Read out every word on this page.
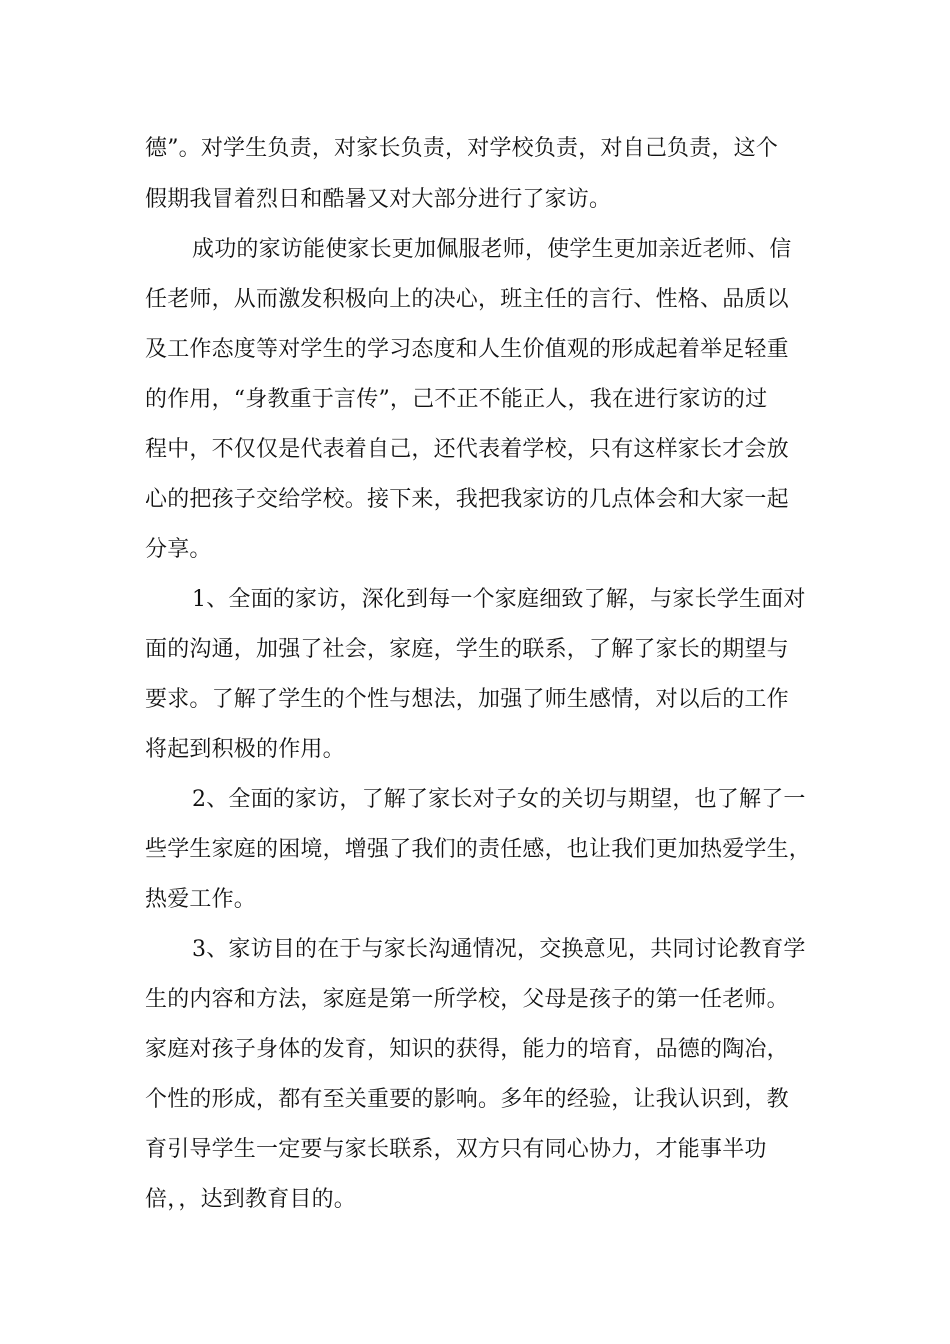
德”。对学生负责，对家长负责，对学校负责，对自己负责，这个
假期我冒着烈日和酷暑又对大部分进行了家访。
成功的家访能使家长更加佩服老师，使学生更加亲近老师、信
任老师，从而激发积极向上的决心，班主任的言行、性格、品质以
及工作态度等对学生的学习态度和人生价值观的形成起着举足轻重
的作用，“身教重于言传”，己不正不能正人，我在进行家访的过
程中，不仅仅是代表着自己，还代表着学校，只有这样家长才会放
心的把孩子交给学校。接下来，我把我家访的几点体会和大家一起
分享。
1、全面的家访，深化到每一个家庭细致了解，与家长学生面对
面的沟通，加强了社会，家庭，学生的联系，了解了家长的期望与
要求。了解了学生的个性与想法，加强了师生感情，对以后的工作
将起到积极的作用。
2、全面的家访，了解了家长对子女的关切与期望，也了解了一
些学生家庭的困境，增强了我们的责任感，也让我们更加热爱学生，
热爱工作。
3、家访目的在于与家长沟通情况，交换意见，共同讨论教育学
生的内容和方法，家庭是第一所学校，父母是孩子的第一任老师。
家庭对孩子身体的发育，知识的获得，能力的培育，品德的陶冶，
个性的形成，都有至关重要的影响。多年的经验，让我认识到，教
育引导学生一定要与家长联系，双方只有同心协力，才能事半功
倍，，达到教育目的。
